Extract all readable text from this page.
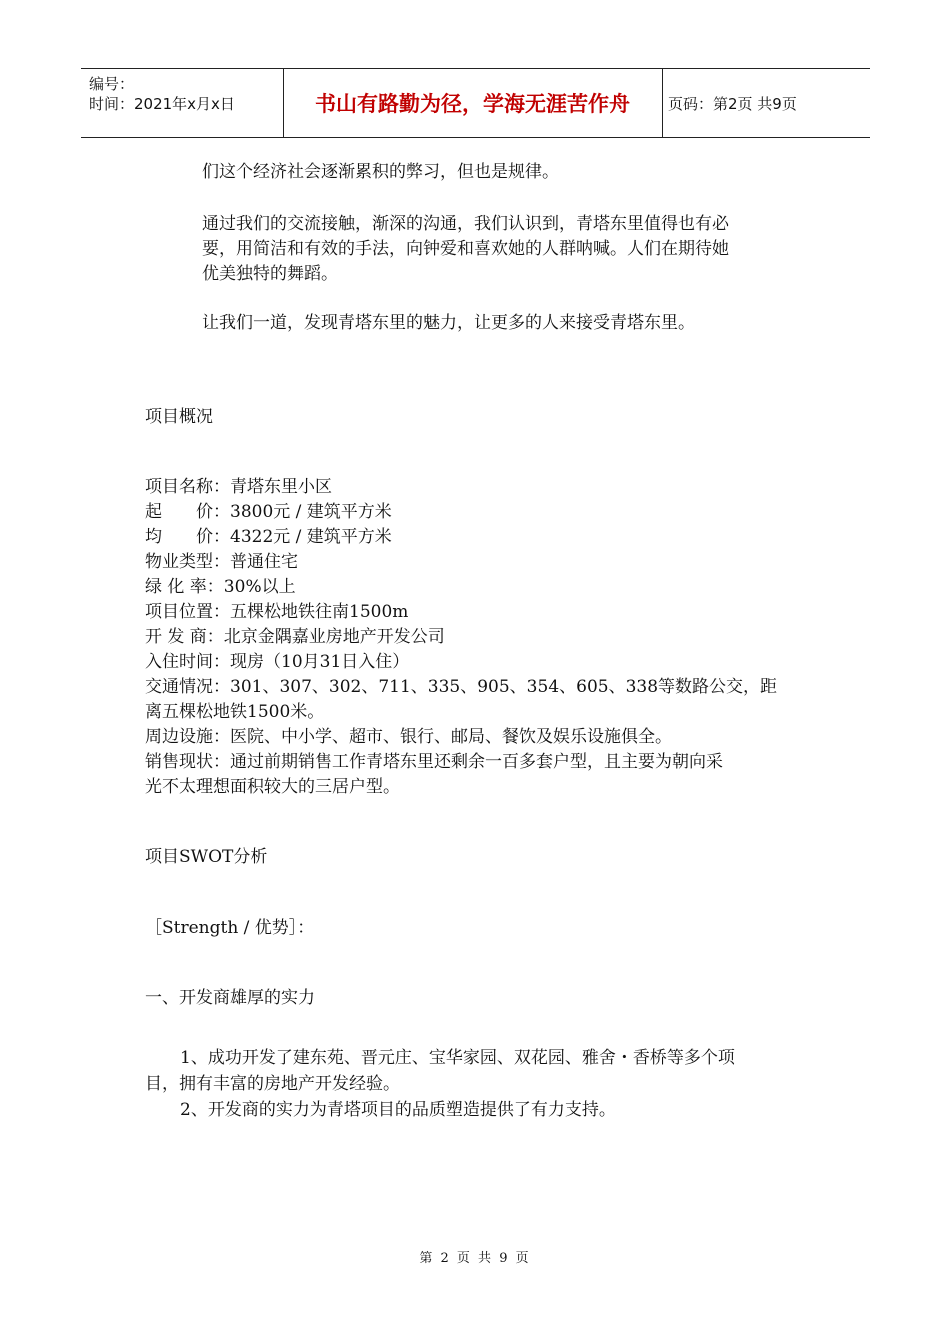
编号：
时间：2021年x月x日	书山有路勤为径，学海无涯苦作舟	页码：第2页 共9页
们这个经济社会逐渐累积的弊习，但也是规律。
通过我们的交流接触，渐深的沟通，我们认识到，青塔东里值得也有必
要，用简洁和有效的手法，向钟爱和喜欢她的人群呐喊。人们在期待她
优美独特的舞蹈。
让我们一道，发现青塔东里的魅力，让更多的人来接受青塔东里。
项目概况
项目名称：青塔东里小区
起　　价：3800元 / 建筑平方米
均　　价：4322元 / 建筑平方米
物业类型：普通住宅
绿 化 率：30%以上
项目位置：五棵松地铁往南1500m
开 发 商：北京金隅嘉业房地产开发公司
入住时间：现房（10月31日入住）
交通情况：301、307、302、711、335、905、354、605、338等数路公交，距
离五棵松地铁1500米。
周边设施：医院、中小学、超市、银行、邮局、餐饮及娱乐设施俱全。
销售现状：通过前期销售工作青塔东里还剩余一百多套户型，且主要为朝向采
光不太理想面积较大的三居户型。
项目SWOT分析
［Strength / 优势］：
一、开发商雄厚的实力
1、成功开发了建东苑、晋元庄、宝华家园、双花园、雅舍・香桥等多个项
目，拥有丰富的房地产开发经验。
2、开发商的实力为青塔项目的品质塑造提供了有力支持。
第 2 页 共 9 页
